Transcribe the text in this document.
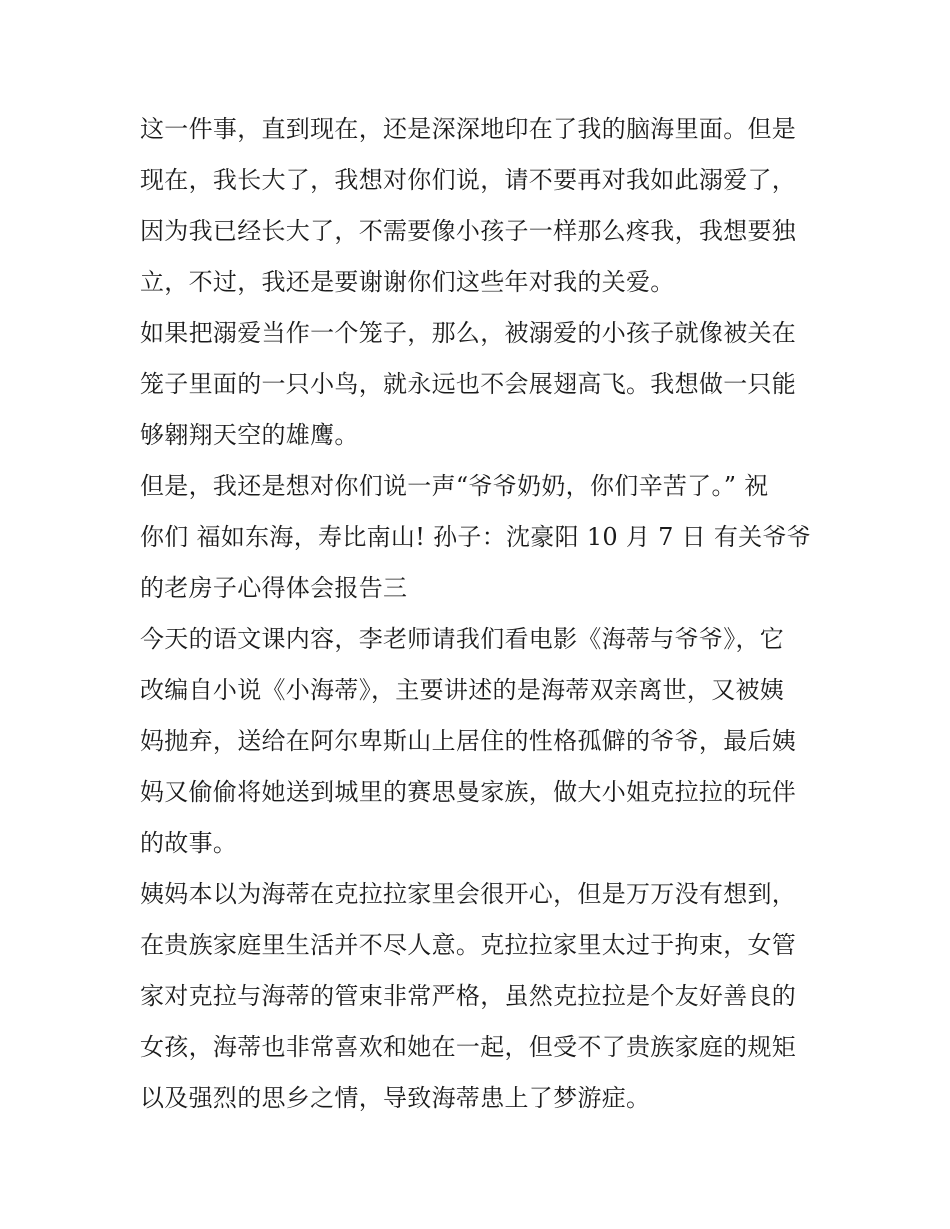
这一件事，直到现在，还是深深地印在了我的脑海里面。但是
现在，我长大了，我想对你们说，请不要再对我如此溺爱了，
因为我已经长大了，不需要像小孩子一样那么疼我，我想要独
立，不过，我还是要谢谢你们这些年对我的关爱。
如果把溺爱当作一个笼子，那么，被溺爱的小孩子就像被关在
笼子里面的一只小鸟，就永远也不会展翅高飞。我想做一只能
够翱翔天空的雄鹰。
但是，我还是想对你们说一声“爷爷奶奶，你们辛苦了。” 祝
你们 福如东海，寿比南山! 孙子：沈豪阳 10 月 7 日 有关爷爷
的老房子心得体会报告三
今天的语文课内容，李老师请我们看电影《海蒂与爷爷》，它
改编自小说《小海蒂》，主要讲述的是海蒂双亲离世，又被姨
妈抛弃，送给在阿尔卑斯山上居住的性格孤僻的爷爷，最后姨
妈又偷偷将她送到城里的赛思曼家族，做大小姐克拉拉的玩伴
的故事。
姨妈本以为海蒂在克拉拉家里会很开心，但是万万没有想到，
在贵族家庭里生活并不尽人意。克拉拉家里太过于拘束，女管
家对克拉与海蒂的管束非常严格，虽然克拉拉是个友好善良的
女孩，海蒂也非常喜欢和她在一起，但受不了贵族家庭的规矩
以及强烈的思乡之情，导致海蒂患上了梦游症。
